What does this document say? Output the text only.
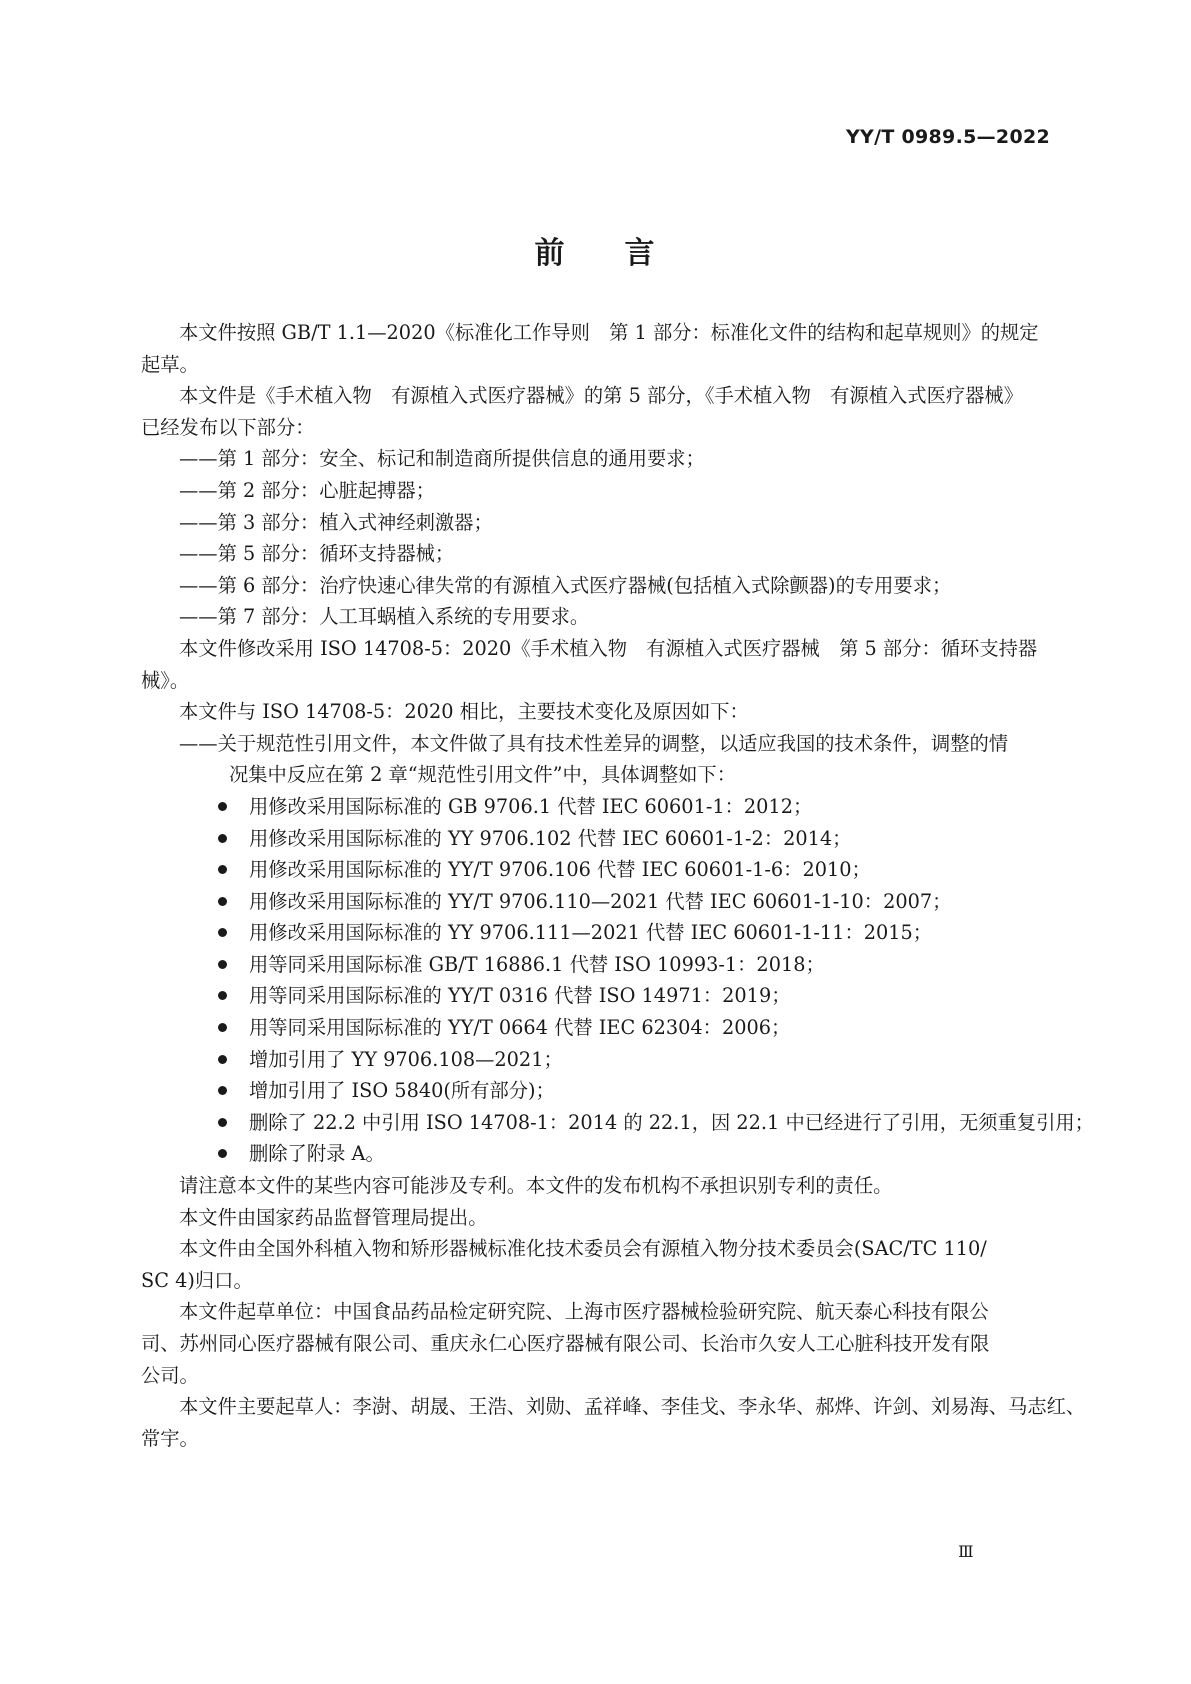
YY/T 0989.5—2022
前 言
本文件按照 GB/T 1.1—2020《标准化工作导则　第 1 部分：标准化文件的结构和起草规则》的规定
起草。
本文件是《手术植入物　有源植入式医疗器械》的第 5 部分，《手术植入物　有源植入式医疗器械》
已经发布以下部分：
——第 1 部分：安全、标记和制造商所提供信息的通用要求；
——第 2 部分：心脏起搏器；
——第 3 部分：植入式神经刺激器；
——第 5 部分：循环支持器械；
——第 6 部分：治疗快速心律失常的有源植入式医疗器械(包括植入式除颤器)的专用要求；
——第 7 部分：人工耳蜗植入系统的专用要求。
本文件修改采用 ISO 14708-5：2020《手术植入物　有源植入式医疗器械　第 5 部分：循环支持器
械》。
本文件与 ISO 14708-5：2020 相比，主要技术变化及原因如下：
——关于规范性引用文件，本文件做了具有技术性差异的调整，以适应我国的技术条件，调整的情
况集中反应在第 2 章“规范性引用文件”中，具体调整如下：
用修改采用国际标准的 GB 9706.1 代替 IEC 60601-1：2012；
用修改采用国际标准的 YY 9706.102 代替 IEC 60601-1-2：2014；
用修改采用国际标准的 YY/T 9706.106 代替 IEC 60601-1-6：2010；
用修改采用国际标准的 YY/T 9706.110—2021 代替 IEC 60601-1-10：2007；
用修改采用国际标准的 YY 9706.111—2021 代替 IEC 60601-1-11：2015；
用等同采用国际标准 GB/T 16886.1 代替 ISO 10993-1：2018；
用等同采用国际标准的 YY/T 0316 代替 ISO 14971：2019；
用等同采用国际标准的 YY/T 0664 代替 IEC 62304：2006；
增加引用了 YY 9706.108—2021；
增加引用了 ISO 5840(所有部分)；
删除了 22.2 中引用 ISO 14708-1：2014 的 22.1，因 22.1 中已经进行了引用，无须重复引用；
删除了附录 A。
请注意本文件的某些内容可能涉及专利。本文件的发布机构不承担识别专利的责任。
本文件由国家药品监督管理局提出。
本文件由全国外科植入物和矫形器械标准化技术委员会有源植入物分技术委员会(SAC/TC 110/
SC 4)归口。
本文件起草单位：中国食品药品检定研究院、上海市医疗器械检验研究院、航天泰心科技有限公
司、苏州同心医疗器械有限公司、重庆永仁心医疗器械有限公司、长治市久安人工心脏科技开发有限
公司。
本文件主要起草人：李澍、胡晟、王浩、刘勋、孟祥峰、李佳戈、李永华、郝烨、许剑、刘易海、马志红、
常宇。
Ⅲ
